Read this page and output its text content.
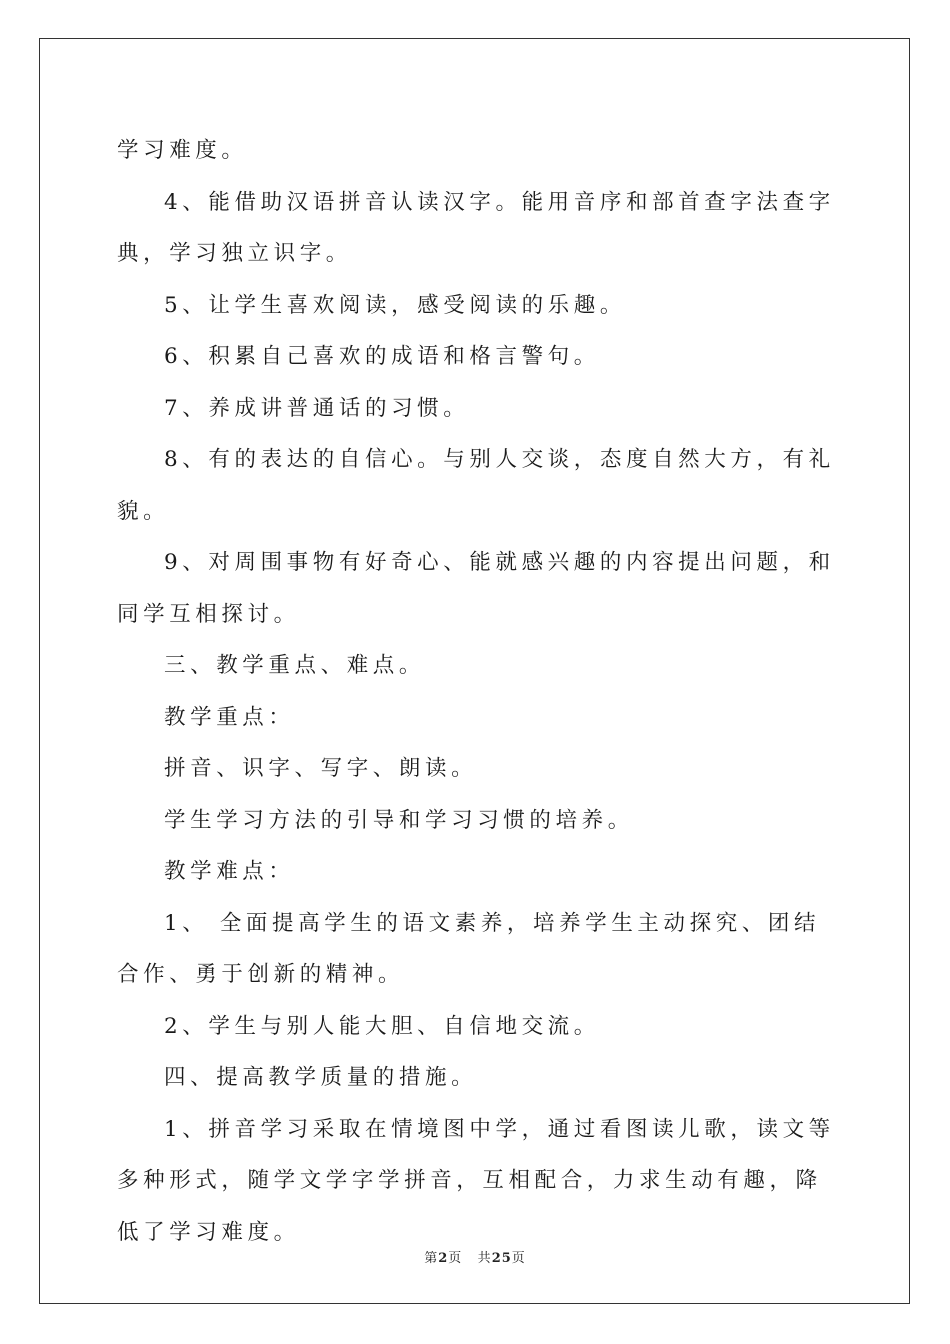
学习难度。

4、能借助汉语拼音认读汉字。能用音序和部首查字法查字典，学习独立识字。

5、让学生喜欢阅读，感受阅读的乐趣。

6、积累自己喜欢的成语和格言警句。

7、养成讲普通话的习惯。

8、有的表达的自信心。与别人交谈，态度自然大方，有礼貌。

9、对周围事物有好奇心、能就感兴趣的内容提出问题，和同学互相探讨。

三、教学重点、难点。

教学重点：

拼音、识字、写字、朗读。

学生学习方法的引导和学习习惯的培养。

教学难点：

1、 全面提高学生的语文素养，培养学生主动探究、团结合作、勇于创新的精神。

2、学生与别人能大胆、自信地交流。

四、提高教学质量的措施。

1、拼音学习采取在情境图中学，通过看图读儿歌，读文等多种形式，随学文学字学拼音，互相配合，力求生动有趣，降低了学习难度。

第2页 共25页
